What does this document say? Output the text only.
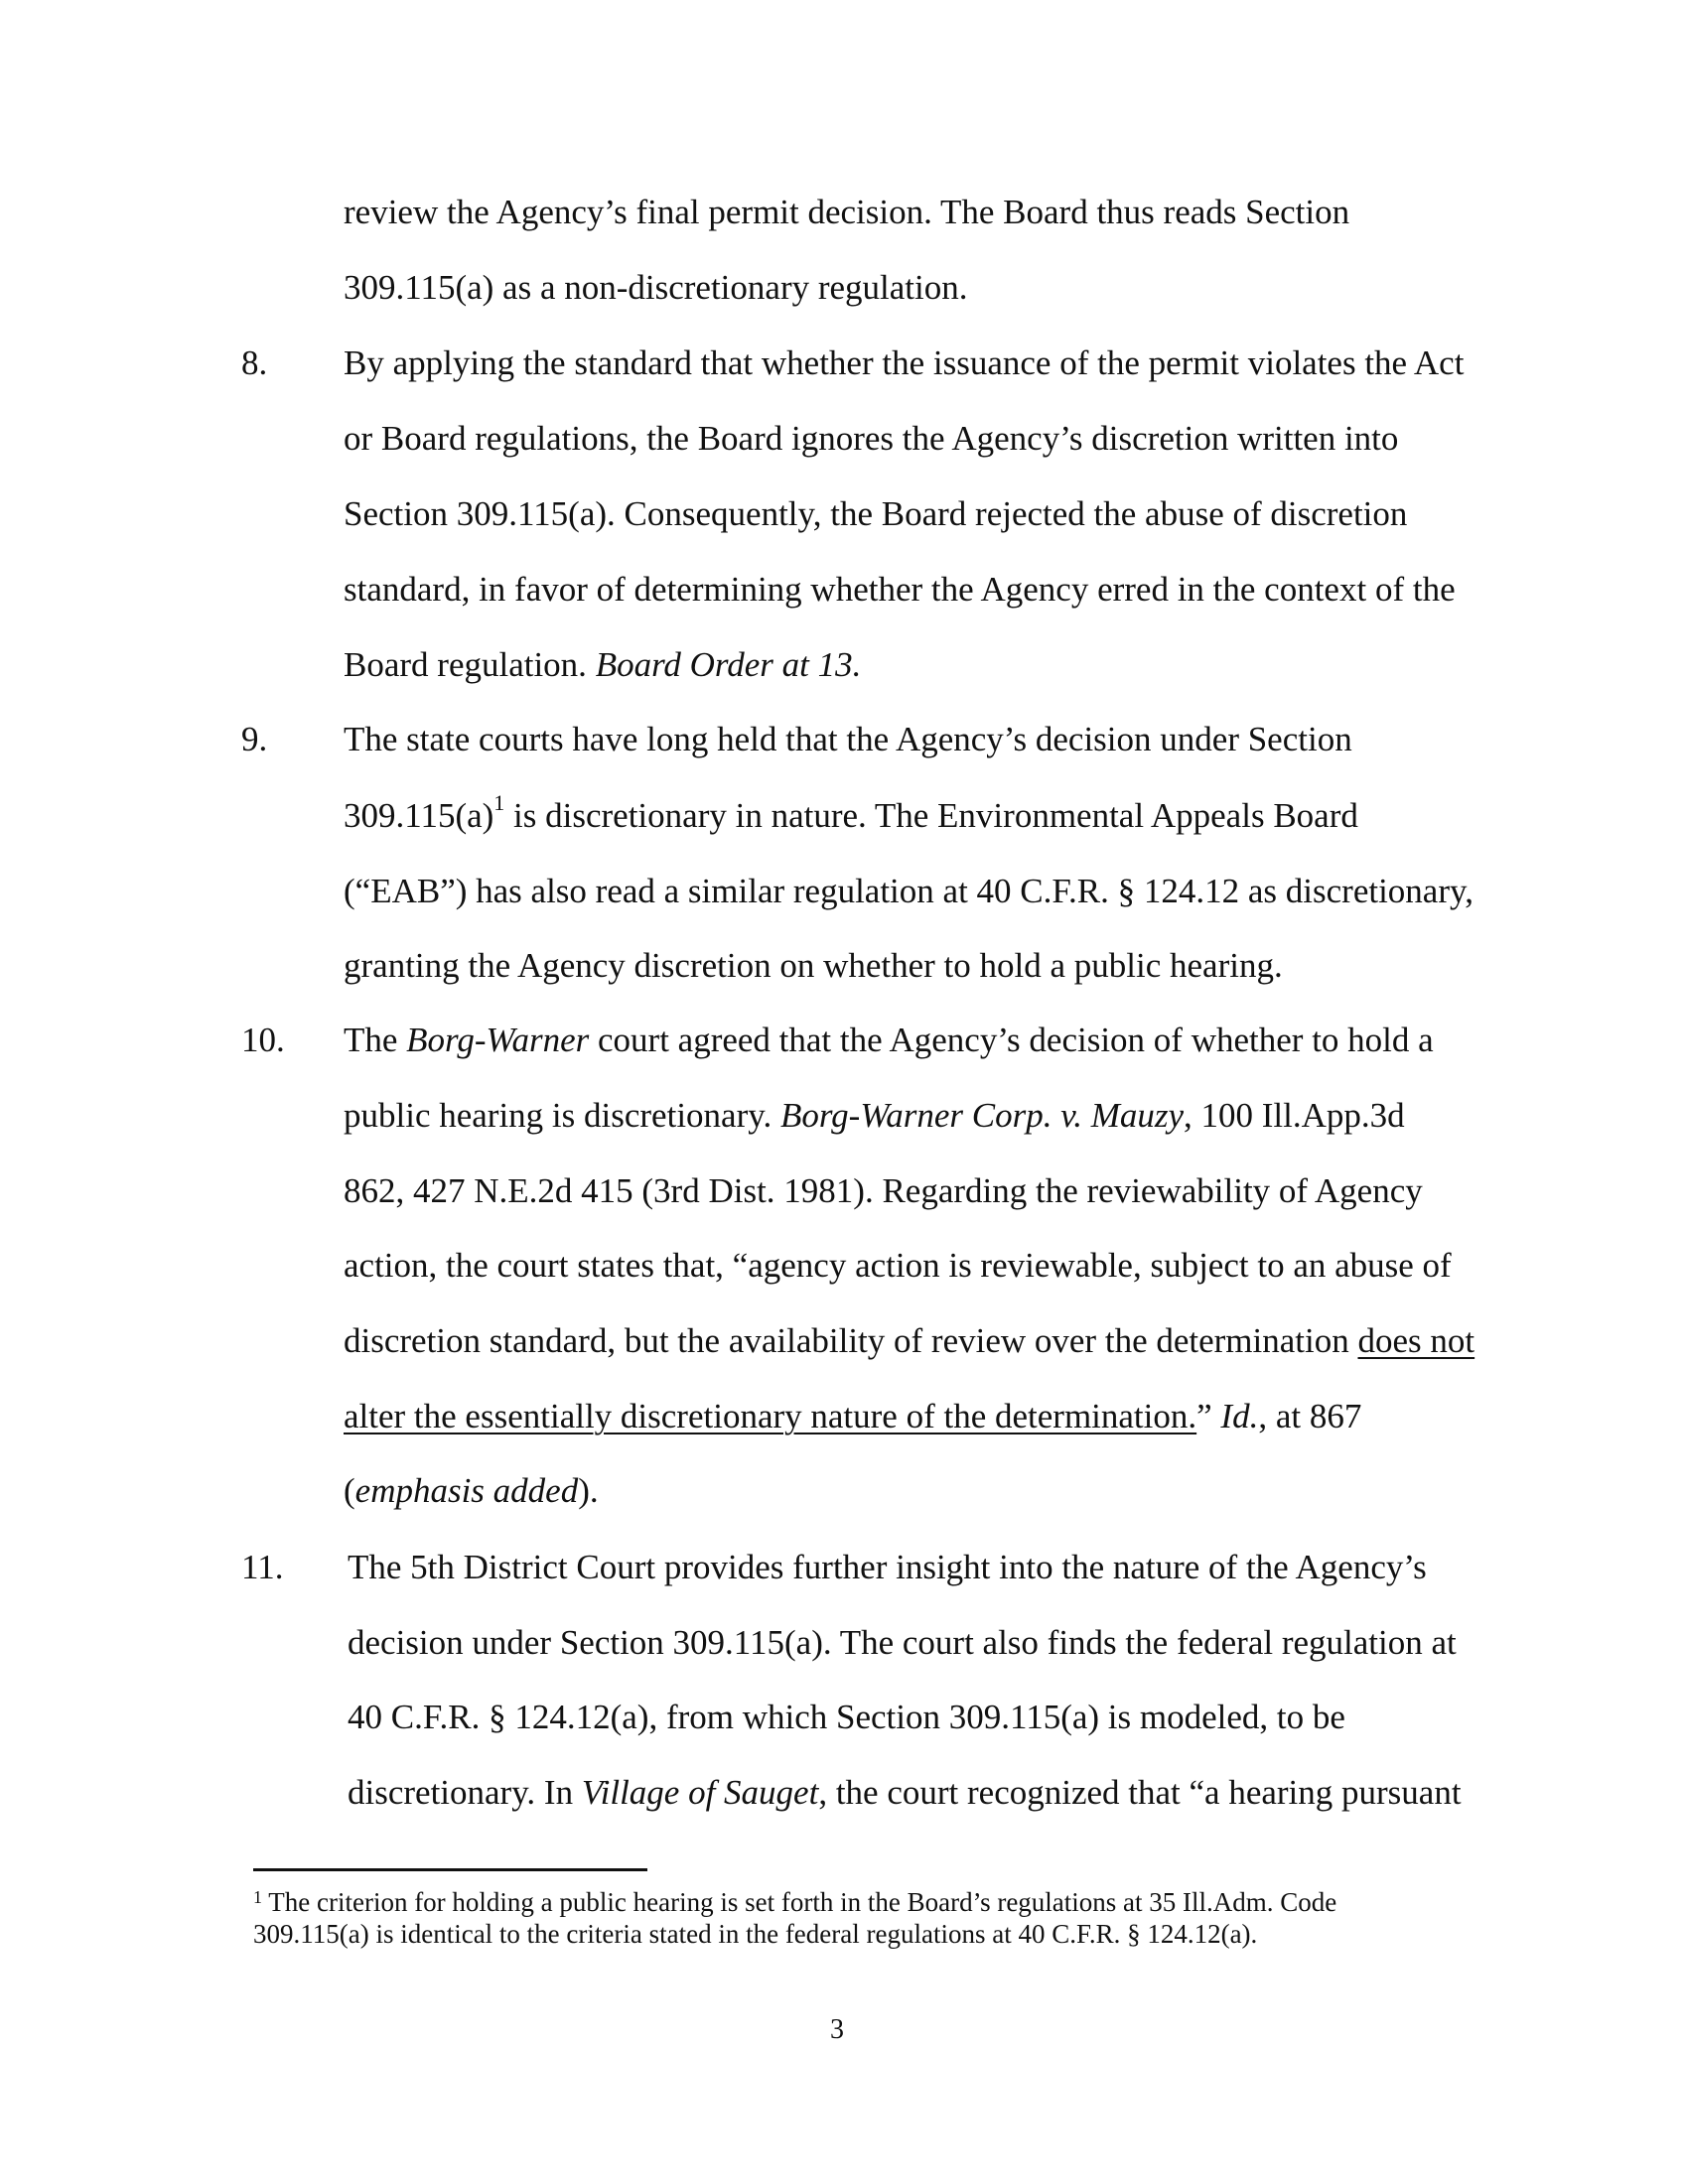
review the Agency’s final permit decision. The Board thus reads Section
309.115(a) as a non-discretionary regulation.
8. By applying the standard that whether the issuance of the permit violates the Act
or Board regulations, the Board ignores the Agency’s discretion written into
Section 309.115(a). Consequently, the Board rejected the abuse of discretion
standard, in favor of determining whether the Agency erred in the context of the
Board regulation. Board Order at 13.
9. The state courts have long held that the Agency’s decision under Section
$309.115(a)^1$ is discretionary in nature. The Environmental Appeals Board
(“EAB”) has also read a similar regulation at 40 C.F.R. § 124.12 as discretionary,
granting the Agency discretion on whether to hold a public hearing.
10. The Borg-Warner court agreed that the Agency’s decision of whether to hold a
public hearing is discretionary. Borg-Warner Corp. v. Mauzy, 100 Ill.App.3d
862, 427 N.E.2d 415 (3rd Dist. 1981). Regarding the reviewability of Agency
action, the court states that, “agency action is reviewable, subject to an abuse of
discretion standard, but the availability of review over the determination does not
alter the essentially discretionary nature of the determination.” Id., at 867
(emphasis added).
11. The 5th District Court provides further insight into the nature of the Agency’s
decision under Section 309.115(a). The court also finds the federal regulation at
40 C.F.R. § 124.12(a), from which Section 309.115(a) is modeled, to be
discretionary. In Village of Sauget, the court recognized that “a hearing pursuant
$^1$ The criterion for holding a public hearing is set forth in the Board’s regulations at 35 Ill.Adm. Code
309.115(a) is identical to the criteria stated in the federal regulations at 40 C.F.R. § 124.12(a).
3
